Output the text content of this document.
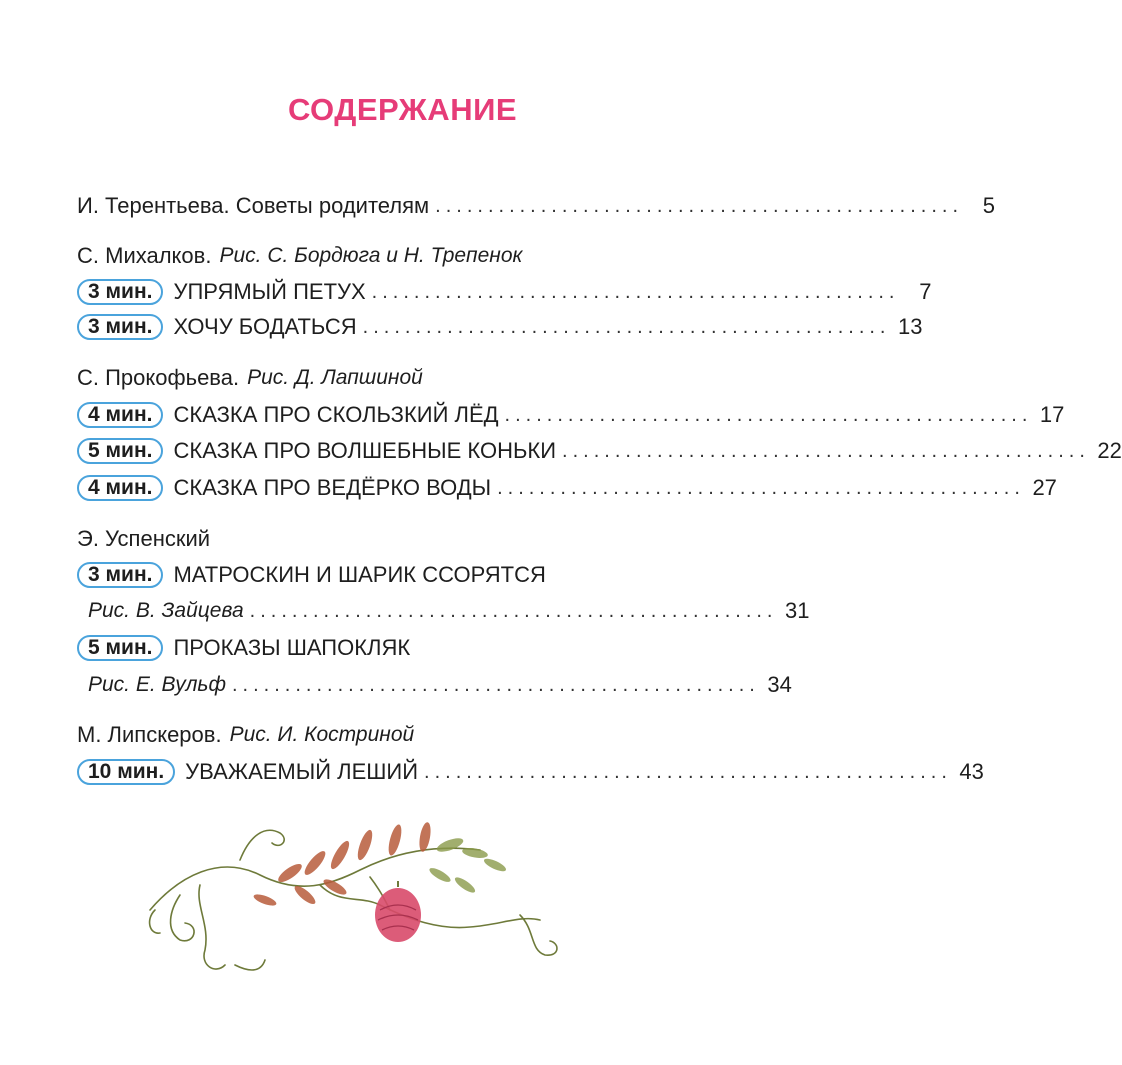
СОДЕРЖАНИЕ
И. Терентьева. Советы родителям .................................................. 5
С. Михалков. Рис. С. Бордюга и Н. Трепенок
3 мин. УПРЯМЫЙ ПЕТУХ .................................................. 7
3 мин. ХОЧУ БОДАТЬСЯ .................................................. 13
С. Прокофьева. Рис. Д. Лапшиной
4 мин. СКАЗКА ПРО СКОЛЬЗКИЙ ЛЁД .................................................. 17
5 мин. СКАЗКА ПРО ВОЛШЕБНЫЕ КОНЬКИ .................................................. 22
4 мин. СКАЗКА ПРО ВЕДЁРКО ВОДЫ .................................................. 27
Э. Успенский
3 мин. МАТРОСКИН И ШАРИК ССОРЯТСЯ
Рис. В. Зайцева .................................................. 31
5 мин. ПРОКАЗЫ ШАПОКЛЯК
Рис. Е. Вульф .................................................. 34
М. Липскеров. Рис. И. Костриной
10 мин. УВАЖАЕМЫЙ ЛЕШИЙ .................................................. 43
